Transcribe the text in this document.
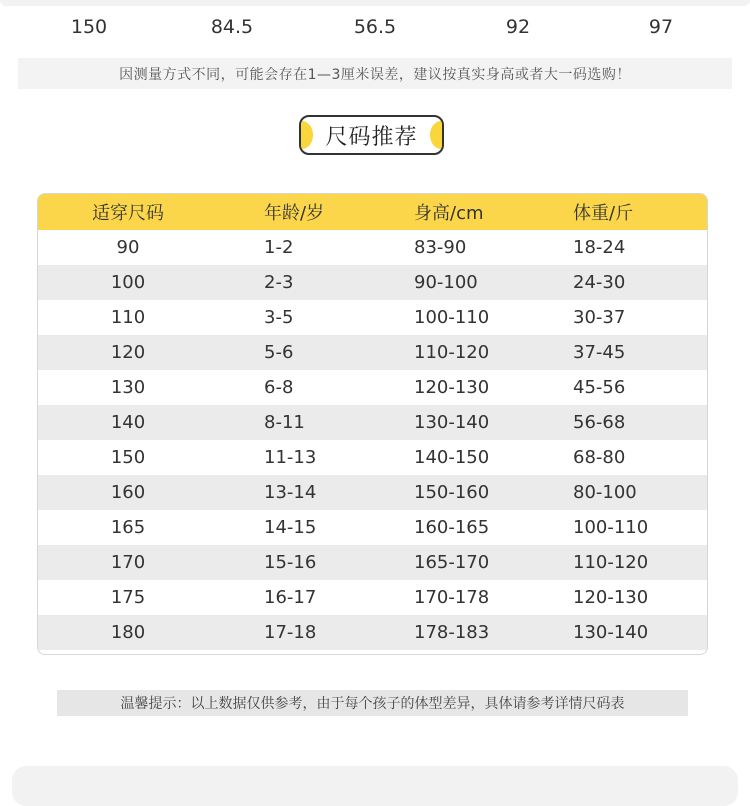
150	84.5	56.5	92	97
因测量方式不同，可能会存在1—3厘米误差，建议按真实身高或者大一码选购！
尺码推荐
适穿尺码	年龄/岁	身高/cm	体重/斤
90	1-2	83-90	18-24
100	2-3	90-100	24-30
110	3-5	100-110	30-37
120	5-6	110-120	37-45
130	6-8	120-130	45-56
140	8-11	130-140	56-68
150	11-13	140-150	68-80
160	13-14	150-160	80-100
165	14-15	160-165	100-110
170	15-16	165-170	110-120
175	16-17	170-178	120-130
180	17-18	178-183	130-140
温馨提示：以上数据仅供参考，由于每个孩子的体型差异，具体请参考详情尺码表
